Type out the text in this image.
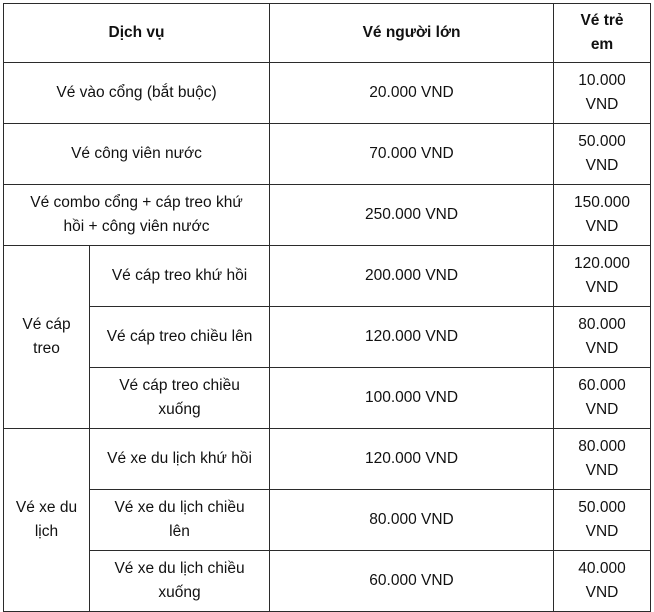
Dịch vụ		Vé người lớn	Vé trẻ em
Vé vào cổng (bắt buộc)		20.000 VND	10.000 VND
Vé công viên nước		70.000 VND	50.000 VND
Vé combo cổng + cáp treo khứ hồi + công viên nước		250.000 VND	150.000 VND
Vé cáp treo	Vé cáp treo khứ hồi	200.000 VND	120.000 VND
	Vé cáp treo chiều lên	120.000 VND	80.000 VND
	Vé cáp treo chiều xuống	100.000 VND	60.000 VND
Vé xe du lịch	Vé xe du lịch khứ hồi	120.000 VND	80.000 VND
	Vé xe du lịch chiều lên	80.000 VND	50.000 VND
	Vé xe du lịch chiều xuống	60.000 VND	40.000 VND
